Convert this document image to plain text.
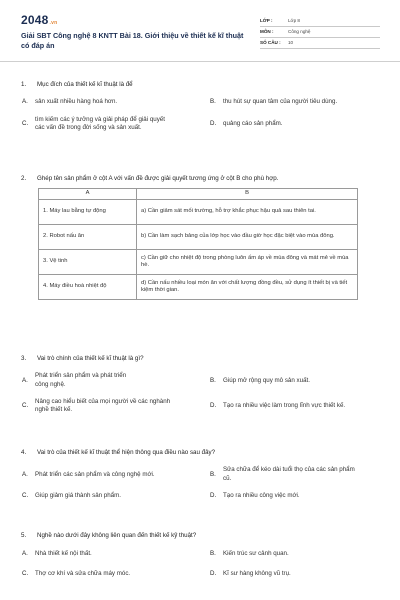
2048.vn
Giải SBT Công nghệ 8 KNTT Bài 18. Giới thiệu về thiết kế kĩ thuật có đáp án
LỚP :	Lớp 8
MÔN :	Công nghệ
SỐ CÂU :	10
1.	Mục đích của thiết kế kĩ thuật là để
A.	sản xuất nhiều hàng hoá hơn.	B.	thu hút sự quan tâm của người tiêu dùng.
C.
tìm kiếm các ý tưởng và giải pháp để giải quyết các vấn đề trong đời sống và sản xuất.
D.	quảng cáo sản phẩm.
2.	Ghép tên sản phẩm ở cột A với vấn đề được giải quyết tương ứng ở cột B cho phù hợp.
A	B
1. Máy lau bằng tự động	a) Cần giảm sát mối trường, hỗ trợ khắc phục hậu quả sau thiên tai.
2. Robot nấu ăn	b) Cần làm sạch bảng của lớp học vào đầu giờ học đặc biệt vào mùa đông.
3. Vệ tinh	c) Cần giữ cho nhiệt độ trong phòng luôn ấm áp về mùa đông và mát mẻ về mùa hè.
4. Máy điều hoà nhiệt độ	d) Cần nấu nhiều loại món ăn với chất lượng đồng đều, sử dụng ít thiết bị và tiết kiệm thời gian.
3.	Vai trò chính của thiết kế kĩ thuật là gì?
A.
Phát triển sản phẩm và phát triển công nghệ.
B.	Giúp mở rộng quy mô sản xuất.
C.
Nâng cao hiểu biết của mọi người về các nghành nghề thiết kế.
D.	Tạo ra nhiều việc làm trong lĩnh vực thiết kế.
4.	Vai trò của thiết kế kĩ thuật thể hiện thông qua điều nào sau đây?
A.	Phát triển các sản phẩm và công nghệ mới.	B.
Sửa chữa để kéo dài tuổi thọ của các sản phẩm cũ.
C.	Giúp giảm giá thành sản phẩm.	D.	Tạo ra nhiều công việc mới.
5.	Nghề nào dưới đây không liên quan đến thiết kế kỹ thuật?
A.	Nhà thiết kế nội thất.	B.	Kiến trúc sư cảnh quan.
C.	Thợ cơ khí và sửa chữa máy móc.	D.	Kĩ sư hàng không vũ trụ.
